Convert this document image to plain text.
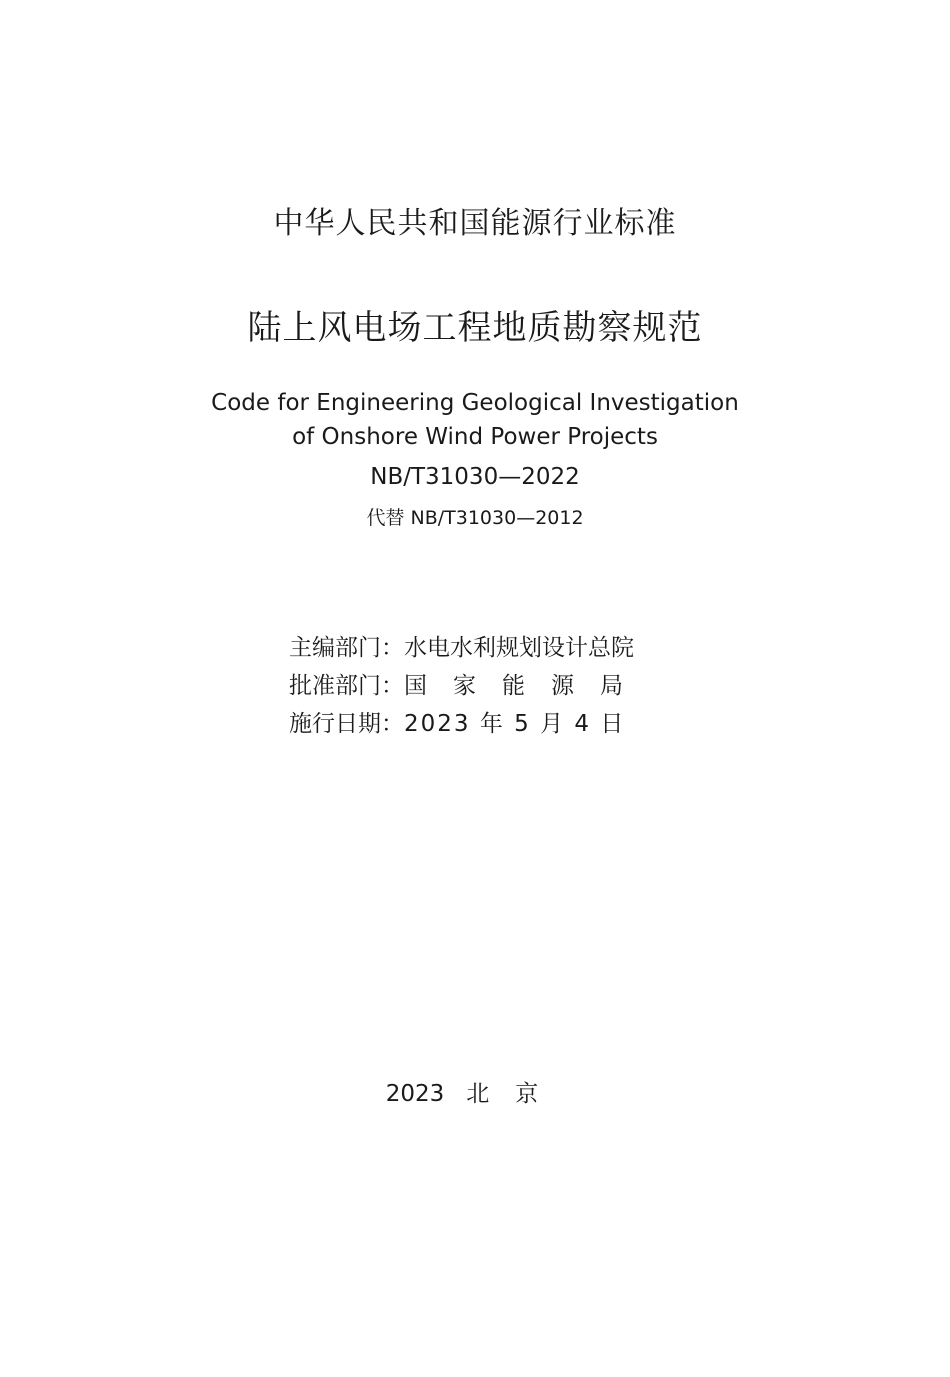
中华人民共和国能源行业标准
陆上风电场工程地质勘察规范
Code for Engineering Geological Investigation
of Onshore Wind Power Projects
NB/T31030—2022
代替 NB/T31030—2012
主编部门：水电水利规划设计总院
批准部门：国家能源局
施行日期：2023 年 5 月 4 日
2023 北京
